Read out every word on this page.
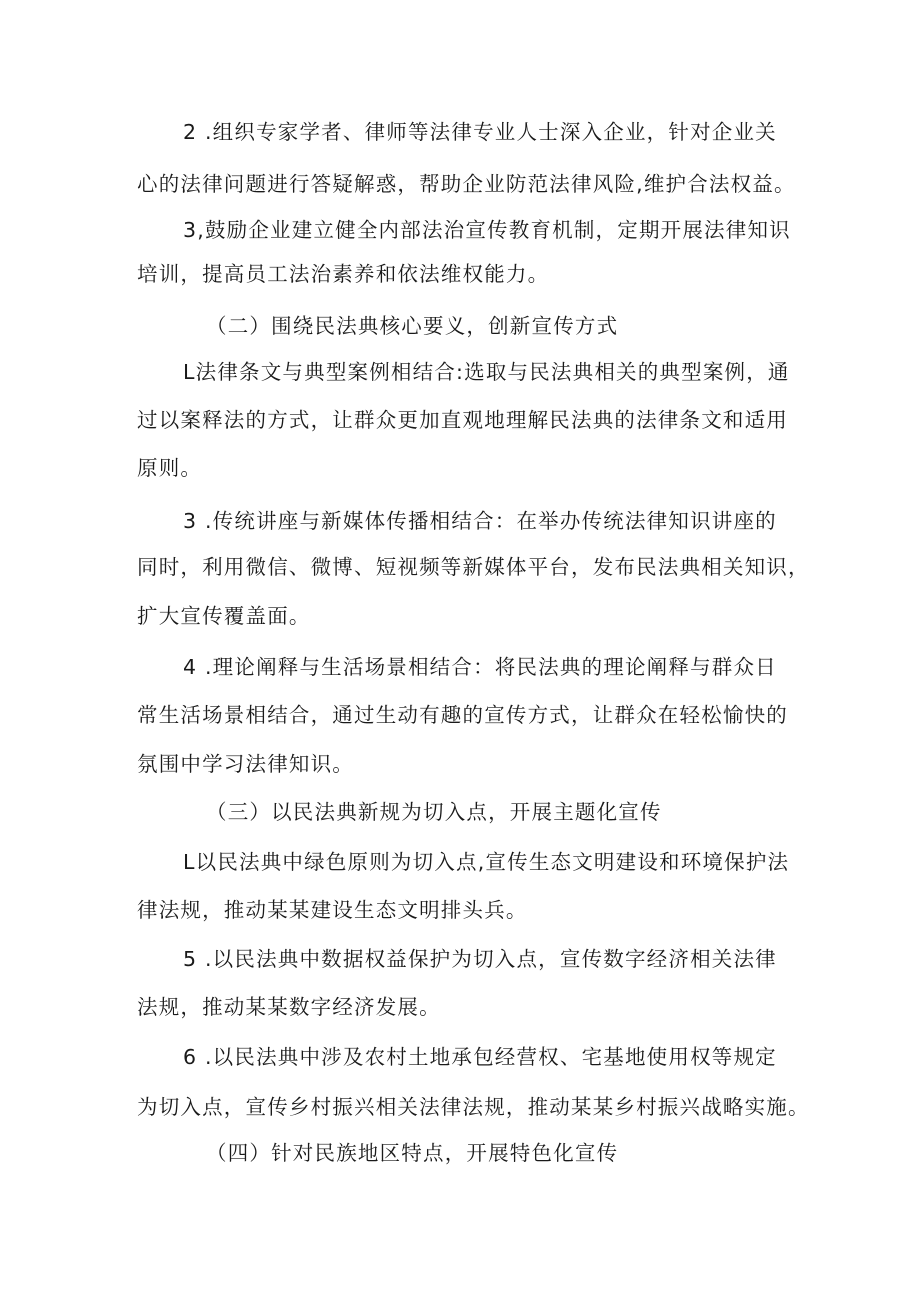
2 .组织专家学者、律师等法律专业人士深入企业，针对企业关
心的法律问题进行答疑解惑，帮助企业防范法律风险,维护合法权益。
3,鼓励企业建立健全内部法治宣传教育机制，定期开展法律知识
培训，提高员工法治素养和依法维权能力。
（二）围绕民法典核心要义，创新宣传方式
L法律条文与典型案例相结合:选取与民法典相关的典型案例，通
过以案释法的方式，让群众更加直观地理解民法典的法律条文和适用
原则。
3 .传统讲座与新媒体传播相结合：在举办传统法律知识讲座的
同时，利用微信、微博、短视频等新媒体平台，发布民法典相关知识，
扩大宣传覆盖面。
4 .理论阐释与生活场景相结合：将民法典的理论阐释与群众日
常生活场景相结合，通过生动有趣的宣传方式，让群众在轻松愉快的
氛围中学习法律知识。
（三）以民法典新规为切入点，开展主题化宣传
L以民法典中绿色原则为切入点,宣传生态文明建设和环境保护法
律法规，推动某某建设生态文明排头兵。
5 .以民法典中数据权益保护为切入点，宣传数字经济相关法律
法规，推动某某数字经济发展。
6 .以民法典中涉及农村土地承包经营权、宅基地使用权等规定
为切入点，宣传乡村振兴相关法律法规，推动某某乡村振兴战略实施。
（四）针对民族地区特点，开展特色化宣传
